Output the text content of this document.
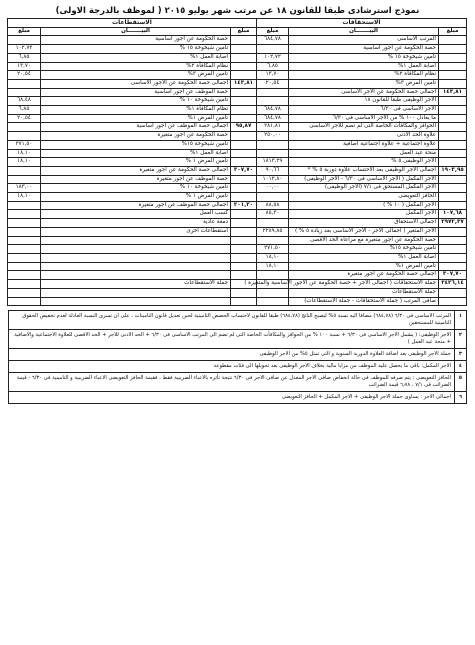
نموذج استرشادى طبقا للقانون ١٨ عن مرتب شهر يوليو ٢٠١٥ ( لموظف بالدرجة الاولى)
الاستحقاقات			الاستقطاعات		
مبلغ	البيـــــــان	مبلغ	مبلغ	البيـــــــان	مبلغ
	المرتب الاساسى	٦٨٤,٧٨		حصة الحكومة عن اجور اساسية	
	حصة الحكومة عن اجور اساسية			تامين شيخوخة ١٥ %	١٠٢,٧٢
	تامين شيخوخة ١٥ %	١٠٢,٧٢		اصابة العمل ١%	٦,٨٥
	اصابة العمل ١%	٦,٨٥		نظام المكافأة ٢%	١٣,٧٠
	نظام المكافأة ٢%	١٣,٧٠		تامين المرض ٣%	٢٠,٥٤
	تامين المرض ٣%	٢٠,٥٤	١٤٣,٨١	اجمالى حصة الحكومة عن الاجور الاساسى	
١٤٣,٨١	اجمالى حصة الحكومة عن الاجر الاساسى			حصة الموظف عن اجور اساسية	
	الاجر الوظيفى طبقا للقانون ١٨			تامين شيخوخة ١٠ %	٦٨,٤٨
	الاجر الاساسى فى ٦/٣٠	٦٨٤,٧٨		نظام المكافأة ١%	٦,٨٥
	ما يعادل ١٠٠ % من الاجر الاساسى فى ٦/٣٠	٦٨٤,٧٨		تامين المرض ١%	٢٠,٥٤
	الحوافز والمكافأت الخاصة التى لم تضم للاجر الاساسى	٢٨١,٨١	٩٥,٨٧	اجمالى حصة الموظف عن اجور اساسية	
	علاوة الحد الادنى	٢٥٠,٠٠		حصة الحكومة عن اجور متغيرة	
	علاوة اجتماعية + علاوة اجتماعية اضافية			تامين شيخوخة ١٥%	٢٧١,٥٠
	منحة عيد العمل			اصابة العمل ١%	١٨,١٠
	الاجر الوظيفى ٥ %	١٨١٣,٢٩		تامين المرض ١ %	١٨,١٠
١٩٠٣,٩٥	اجمالى الاجر الوظيفى بعد الاحتساب علاوة دورية ٥ % *	٩٠,٦٦	٣٠٧,٧٠	اجمالى حصة الحكومة عن اجور متغيرة	
	الاجر المكمل ( الاجر الاساسى فى ٦/٣٠ - الاجر الوظيفى)	١٠١٢,٨٠		حصة الموظف عن اجور متغيرة	
	الاجر المكمل المستحق فى ٧/١ (الاجر الوظيفى)	٠٠,٠٠		تامين شيخوخة ١٠ %	١٨٣,٠٠
	الحافز التعويضى			تامين المرض ١ %	١٨,١٠
	الاجر المكمل ( ١٠ % )	٨٨,٥٨	٢٠١,٣٠	اجمالى حصة الموظف عن اجور متغيرة	
١٠٧,٦٨	الاجر المكمل	٨٥,٣٠		كسب العمل	
٢٩٧٢,٣٧	اجمالى الاستحقاق			دمغة عادية	
	الاجر المتغير ( اجمالى الاجر - الاجر الاساسى بعد زيادة ٥ % )	٢٢٨٩,٨٥		استقطاعات اخرى	
	حصة الحكومة عن اجور متغيرة مع مراعاة الحد الاقصى				
	تامين شيخوخة ١٥%	٢٧١,٥٠			
	اصابة العمل ١%	١٨,١٠			
	تامين المرض ١%	١٨,١٠			
٣٠٧,٧٠	اجمالى حصة الحكومة عن اجور متغيرة				
٣٤٢٦,١٤	جملة الاستحقاقات ( اجمالى الاجر + حصة الحكومة عن الاجور الاساسية والمتغيرة )			جملة الاستقطاعات	
	جملة الاستقطاعات				
	صافى المرتب ( جملة الاستحقاقات - جملة الاستقطاعات)				
١	المرتب الاساسى فى ٦/٣٠ (٦٨٤,٧٨) مضافا اليه نسبة ٥% ليصبح الناتج (٦٨٤,٧٨) طبقا للقانون لاحتساب الحصص التامينية لحين تعديل قانون التامينات ، على ان تسرى النسبة العادلة لعدم تخفيض الحقوق التامينية للمستحقين
٢	الاجر الوظيفى: ( يشمل الاجر الاساسى فى ٦/٣٠ + نسبة ١٠٠ % من الحوافز والمكافأت الخاصة التى لم تضم الى المرتب الاساسى فى ٦/٣٠ + الحد الادنى للاجر + الحد الاقصى للعلاوة الاجتماعية والاضافية + منحة عيد العمل )
٣	جملة الاجر الوظيفى بعد اضافة العلاوة الدورية السنوية و التى تمثل ٥% من الاجر الوظيفى
٤	الاجر المكمل: باقى ما يحصل عليه الموظف من مزايا مالية بخلاف الاجر الوظيفى بعد تحويلها الى فئات مقطوعة
٥	الحافز التعويضى : يتم صرفه للموظف فى حالة انخفاض صافى الاجر المعدل عن صافى الاجر فى ٦/٣٠ نتيجة تأثره بالاعباء الضريبية فقط ، فقيمة الحافز التعويضى الاعباء الضريبية و التامينية فى ٦/٣٠ - قيمة الضرائب فى ٧/١ ، ٦٫٧٨ قيمة الضرائب
٦	اجمالى الاجر : يساوى جملة الاجر الوظيفى + الاجر المكمل + الحافز التعويضى
